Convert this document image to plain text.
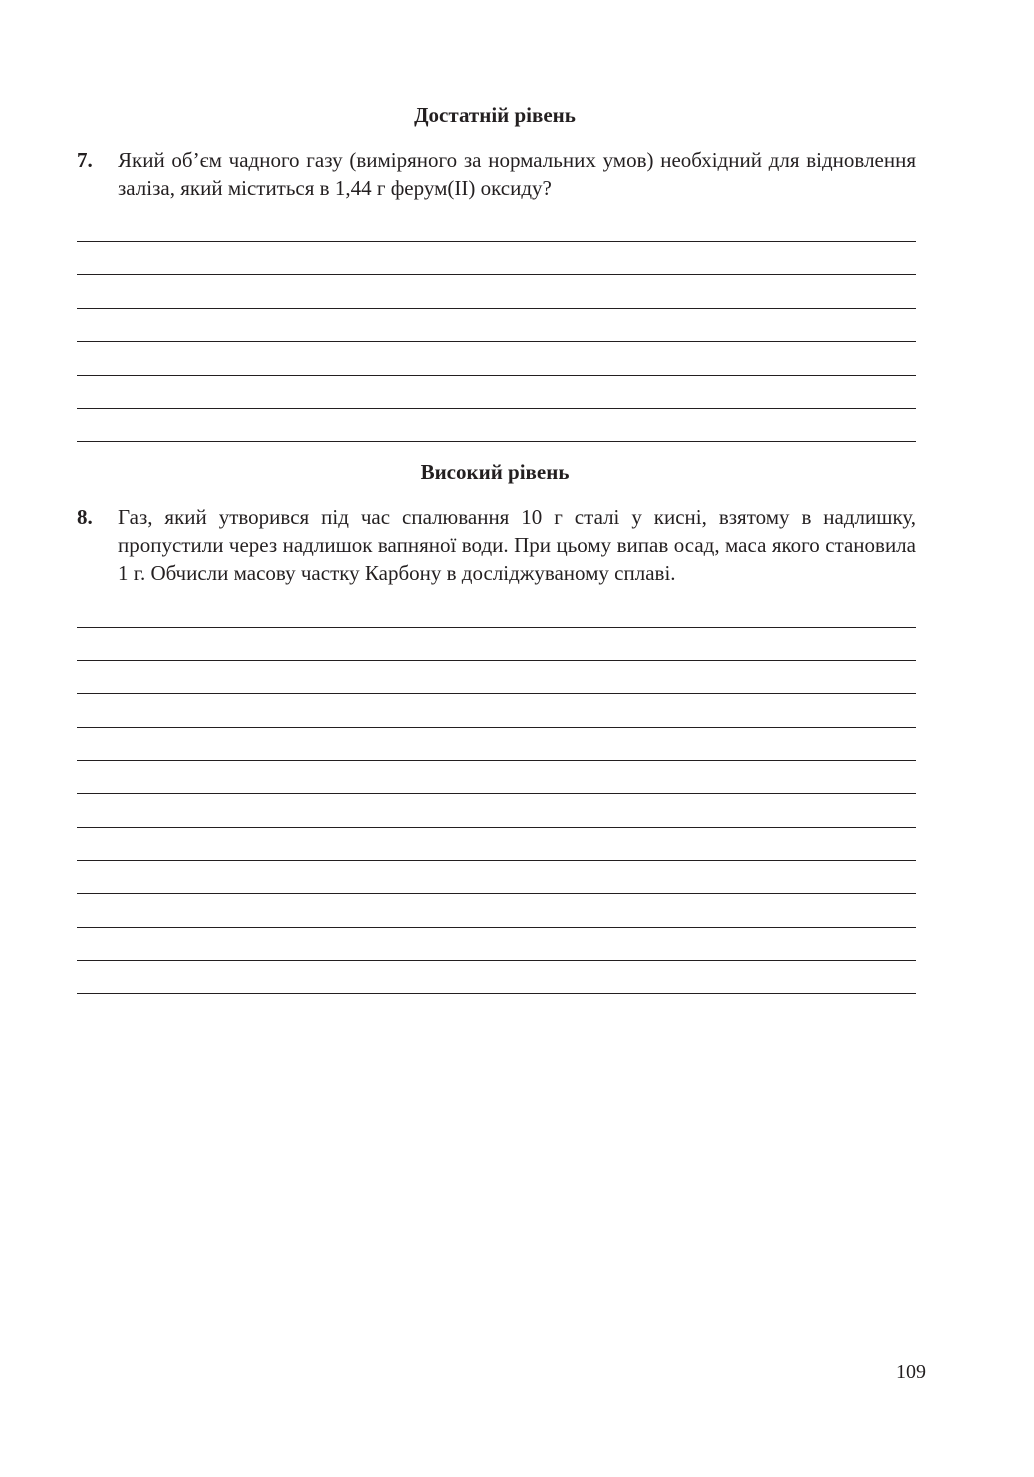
Достатній рівень
7. Який об’єм чадного газу (виміряного за нормальних умов) необхідний для відновлення заліза, який міститься в 1,44 г ферум(II) оксиду?
Високий рівень
8. Газ, який утворився під час спалювання 10 г сталі у кисні, взятому в надлишку, пропустили через надлишок вапняної води. При цьому випав осад, маса якого становила 1 г. Обчисли масову частку Карбону в досліджуваному сплаві.
109
